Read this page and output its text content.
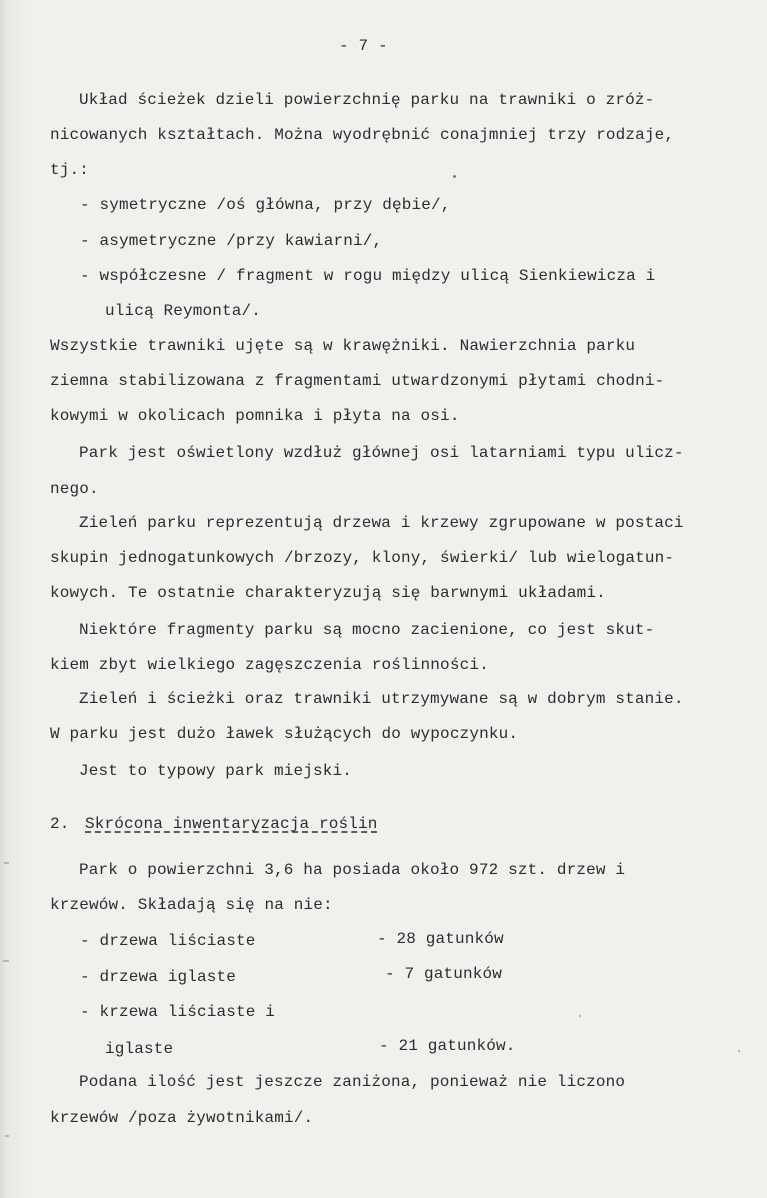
- 7 -
Układ ścieżek dzieli powierzchnię parku na trawniki o zróż-
nicowanych kształtach. Można wyodrębnić conajmniej trzy rodzaje,
tj.:
- symetryczne /oś główna, przy dębie/,
- asymetryczne /przy kawiarni/,
- współczesne / fragment w rogu między ulicą Sienkiewicza i
ulicą Reymonta/.
Wszystkie trawniki ujęte są w krawężniki. Nawierzchnia parku
ziemna stabilizowana z fragmentami utwardzonymi płytami chodni-
kowymi w okolicach pomnika i płyta na osi.
Park jest oświetlony wzdłuż głównej osi latarniami typu ulicz-
nego.
Zieleń parku reprezentują drzewa i krzewy zgrupowane w postaci
skupin jednogatunkowych /brzozy, klony, świerki/ lub wielogatun-
kowych. Te ostatnie charakteryzują się barwnymi układami.
Niektóre fragmenty parku są mocno zacienione, co jest skut-
kiem zbyt wielkiego zagęszczenia roślinności.
Zieleń i ścieżki oraz trawniki utrzymywane są w dobrym stanie.
W parku jest dużo ławek służących do wypoczynku.
Jest to typowy park miejski.
2. Skrócona inwentaryzacja roślin
Park o powierzchni 3,6 ha posiada około 972 szt. drzew i
krzewów. Składają się na nie:
- drzewa liściaste	- 28 gatunków
- drzewa iglaste	- 7 gatunków
- krzewa liściaste i
iglaste	- 21 gatunków.
Podana ilość jest jeszcze zaniżona, ponieważ nie liczono
krzewów /poza żywotnikami/.
